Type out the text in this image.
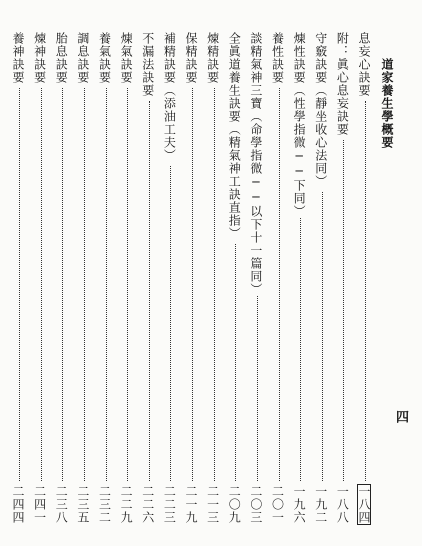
道家養生學概要
四
息妄心訣要
一八四
附：眞心息妄訣要
一八八
守竅訣要（靜坐收心法同）
一九二
煉性訣要（性學指微──下同）
一九六
養性訣要
二〇一
談精氣神三寶（命學指微──以下十一篇同）
二〇三
全眞道養生訣要（精氣神工訣直指）
二〇九
煉精訣要
二一三
保精訣要
二一九
補精訣要（添油工夫）
二二三
不漏法訣要
二二六
煉氣訣要
二二九
養氣訣要
二三二
調息訣要
二三五
胎息訣要
二三八
煉神訣要
二四一
養神訣要
二四四
